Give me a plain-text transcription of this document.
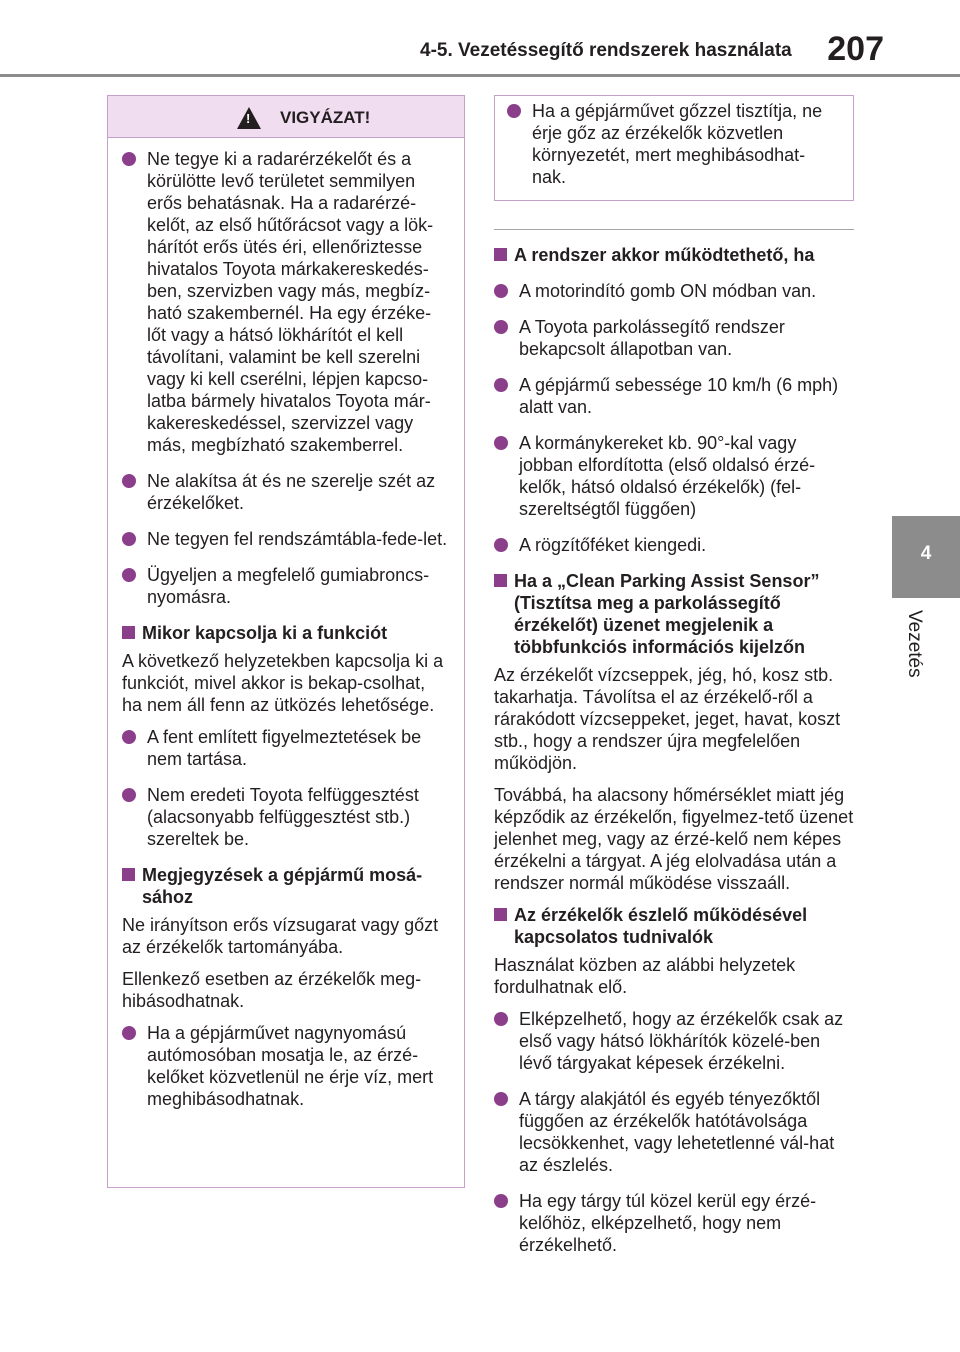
4-5. Vezetéssegítő rendszerek használata 207
4
Vezetés
!
VIGYÁZAT!
Ne tegye ki a radarérzékelőt és a körülötte levő területet semmilyen erős behatásnak. Ha a radarérzé-kelőt, az első hűtőrácsot vagy a lök-hárítót erős ütés éri, ellenőriztesse hivatalos Toyota márkakereskedés-ben, szervizben vagy más, megbíz-ható szakembernél. Ha egy érzéke-lőt vagy a hátsó lökhárítót el kell távolítani, valamint be kell szerelni vagy ki kell cserélni, lépjen kapcso-latba bármely hivatalos Toyota már-kakereskedéssel, szervizzel vagy más, megbízható szakemberrel.
Ne alakítsa át és ne szerelje szét az érzékelőket.
Ne tegyen fel rendszámtábla-fede-let.
Ügyeljen a megfelelő gumiabroncs-nyomásra.
Mikor kapcsolja ki a funkciót
A következő helyzetekben kapcsolja ki a funkciót, mivel akkor is bekap-csolhat, ha nem áll fenn az ütközés lehetősége.
A fent említett figyelmeztetések be nem tartása.
Nem eredeti Toyota felfüggesztést (alacsonyabb felfüggesztést stb.) szereltek be.
Megjegyzések a gépjármű mosá-sához
Ne irányítson erős vízsugarat vagy gőzt az érzékelők tartományába.
Ellenkező esetben az érzékelők meg-hibásodhatnak.
Ha a gépjárművet nagynyomású autómosóban mosatja le, az érzé-kelőket közvetlenül ne érje víz, mert meghibásodhatnak.
Ha a gépjárművet gőzzel tisztítja, ne érje gőz az érzékelők közvetlen környezetét, mert meghibásodhat-nak.
A rendszer akkor működtethető, ha
A motorindító gomb ON módban van.
A Toyota parkolássegítő rendszer bekapcsolt állapotban van.
A gépjármű sebessége 10 km/h (6 mph) alatt van.
A kormánykereket kb. 90°-kal vagy jobban elfordította (első oldalsó érzé-kelők, hátsó oldalsó érzékelők) (fel-szereltségtől függően)
A rögzítőféket kiengedi.
Ha a „Clean Parking Assist Sensor” (Tisztítsa meg a parkolássegítő érzékelőt) üzenet megjelenik a többfunkciós információs kijelzőn
Az érzékelőt vízcseppek, jég, hó, kosz stb. takarhatja. Távolítsa el az érzékelő-ről a rárakódott vízcseppeket, jeget, havat, koszt stb., hogy a rendszer újra megfelelően működjön.
Továbbá, ha alacsony hőmérséklet miatt jég képződik az érzékelőn, figyelmez-tető üzenet jelenhet meg, vagy az érzé-kelő nem képes érzékelni a tárgyat. A jég elolvadása után a rendszer normál működése visszaáll.
Az érzékelők észlelő működésével kapcsolatos tudnivalók
Használat közben az alábbi helyzetek fordulhatnak elő.
Elképzelhető, hogy az érzékelők csak az első vagy hátsó lökhárítók közelé-ben lévő tárgyakat képesek érzékelni.
A tárgy alakjától és egyéb tényezőktől függően az érzékelők hatótávolsága lecsökkenhet, vagy lehetetlenné vál-hat az észlelés.
Ha egy tárgy túl közel kerül egy érzé-kelőhöz, elképzelhető, hogy nem érzékelhető.
